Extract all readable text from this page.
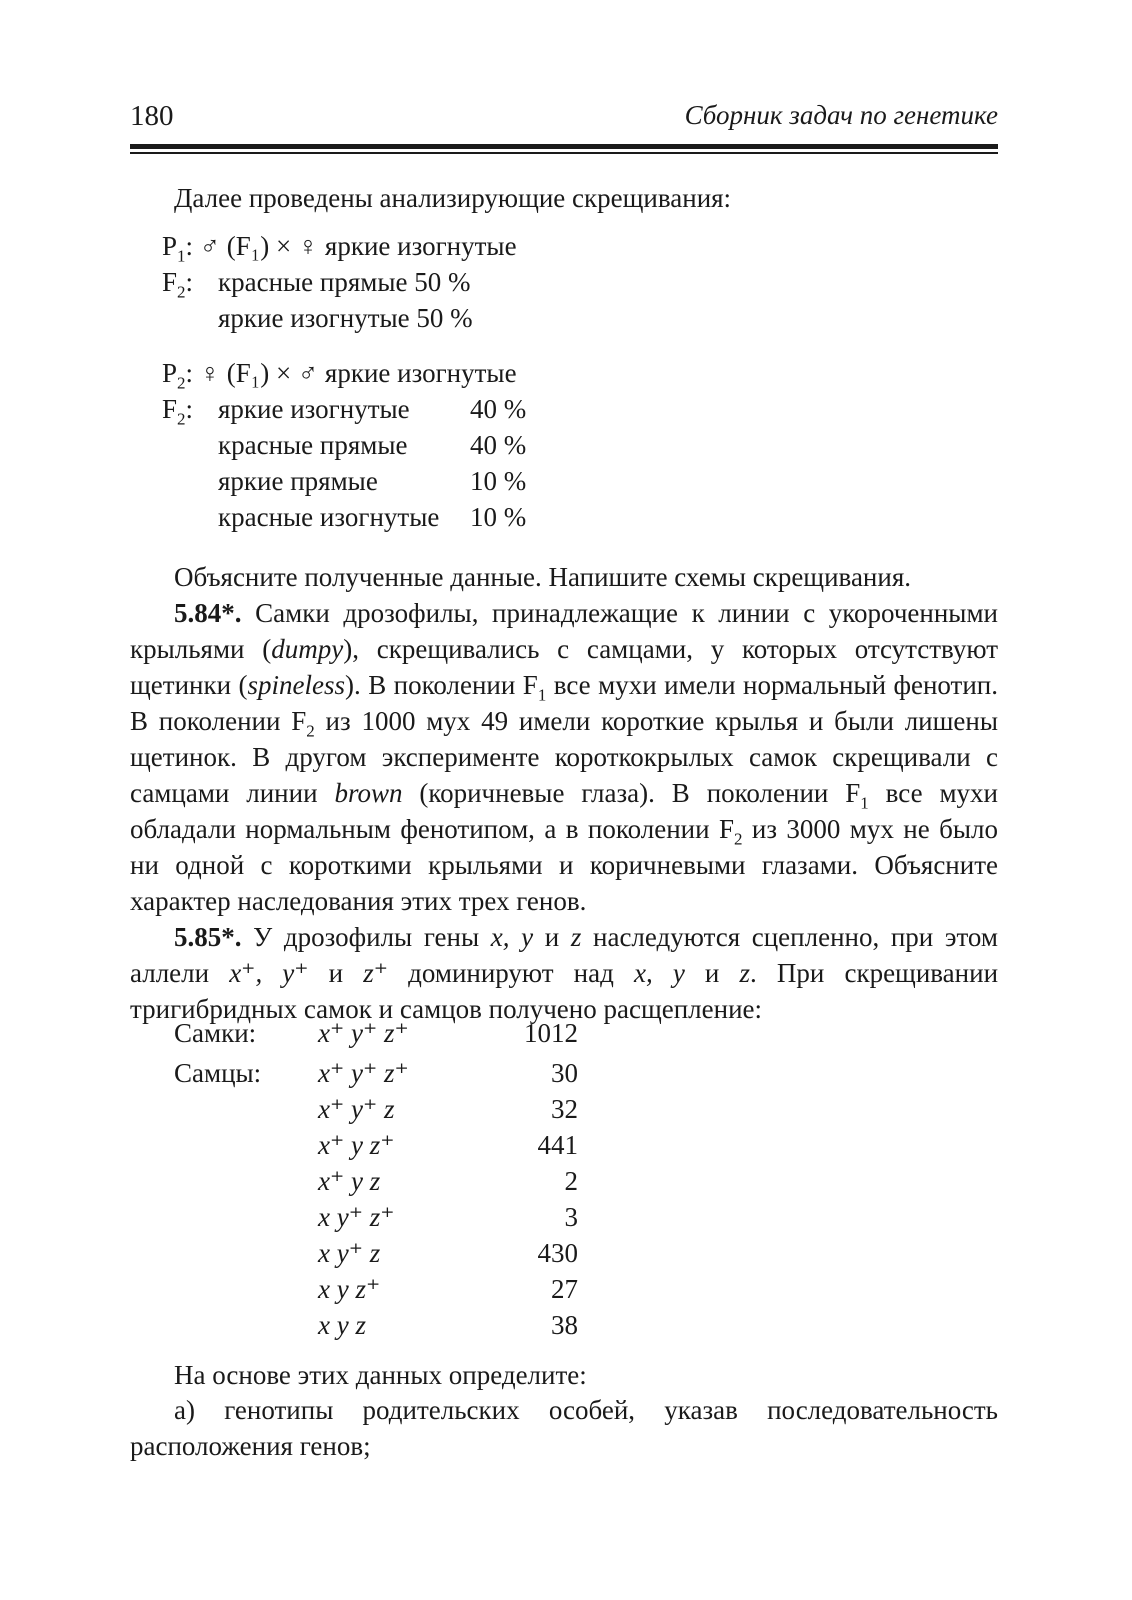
180	Сборник задач по генетике
Далее проведены анализирующие скрещивания:
$P_1$: ♂ (F₁) × ♀ яркие изогнутые
$F_2$: красные прямые 50 %
яркие изогнутые 50 %
$P_2$: ♀ (F₁) × ♂ яркие изогнутые
$F_2$: яркие изогнутые 40 %
красные прямые 40 %
яркие прямые	10 %
красные изогнутые 10 %

Объясните полученные данные. Напишите схемы скрещивания.

5.84*. Самки дрозофилы, принадлежащие к линии с укороченными крыльями (dumpy), скрещивались с самцами, у которых отсутствуют щетинки (spineless). В поколении $F_1$ все мухи имели нормальный фенотип. В поколении $F_2$ из 1000 мух 49 имели короткие крылья и были лишены щетинок. В другом эксперименте короткокрылых самок скрещивали с самцами линии brown (коричневые глаза). В поколении $F_1$ все мухи обладали нормальным фенотипом, а в поколении $F_2$ из 3000 мух не было ни одной с короткими крыльями и коричневыми глазами. Объясните характер наследования этих трех генов.

5.85*. У дрозофилы гены x, y и z наследуются сцепленно, при этом аллели x⁺, y⁺ и z⁺ доминируют над x, y и z. При скрещивании тригибридных самок и самцов получено расщепление:

Самки: x⁺ y⁺ z⁺	1012
Самцы: x⁺ y⁺ z⁺	30
x⁺ y⁺ z	32
x⁺ y z⁺	441
x⁺ y z	2
x y⁺ z⁺	3
x y⁺ z	430
x y z⁺	27
x y z	38
На основе этих данных определите:

а) генотипы родительских особей, указав последовательность расположения генов;
